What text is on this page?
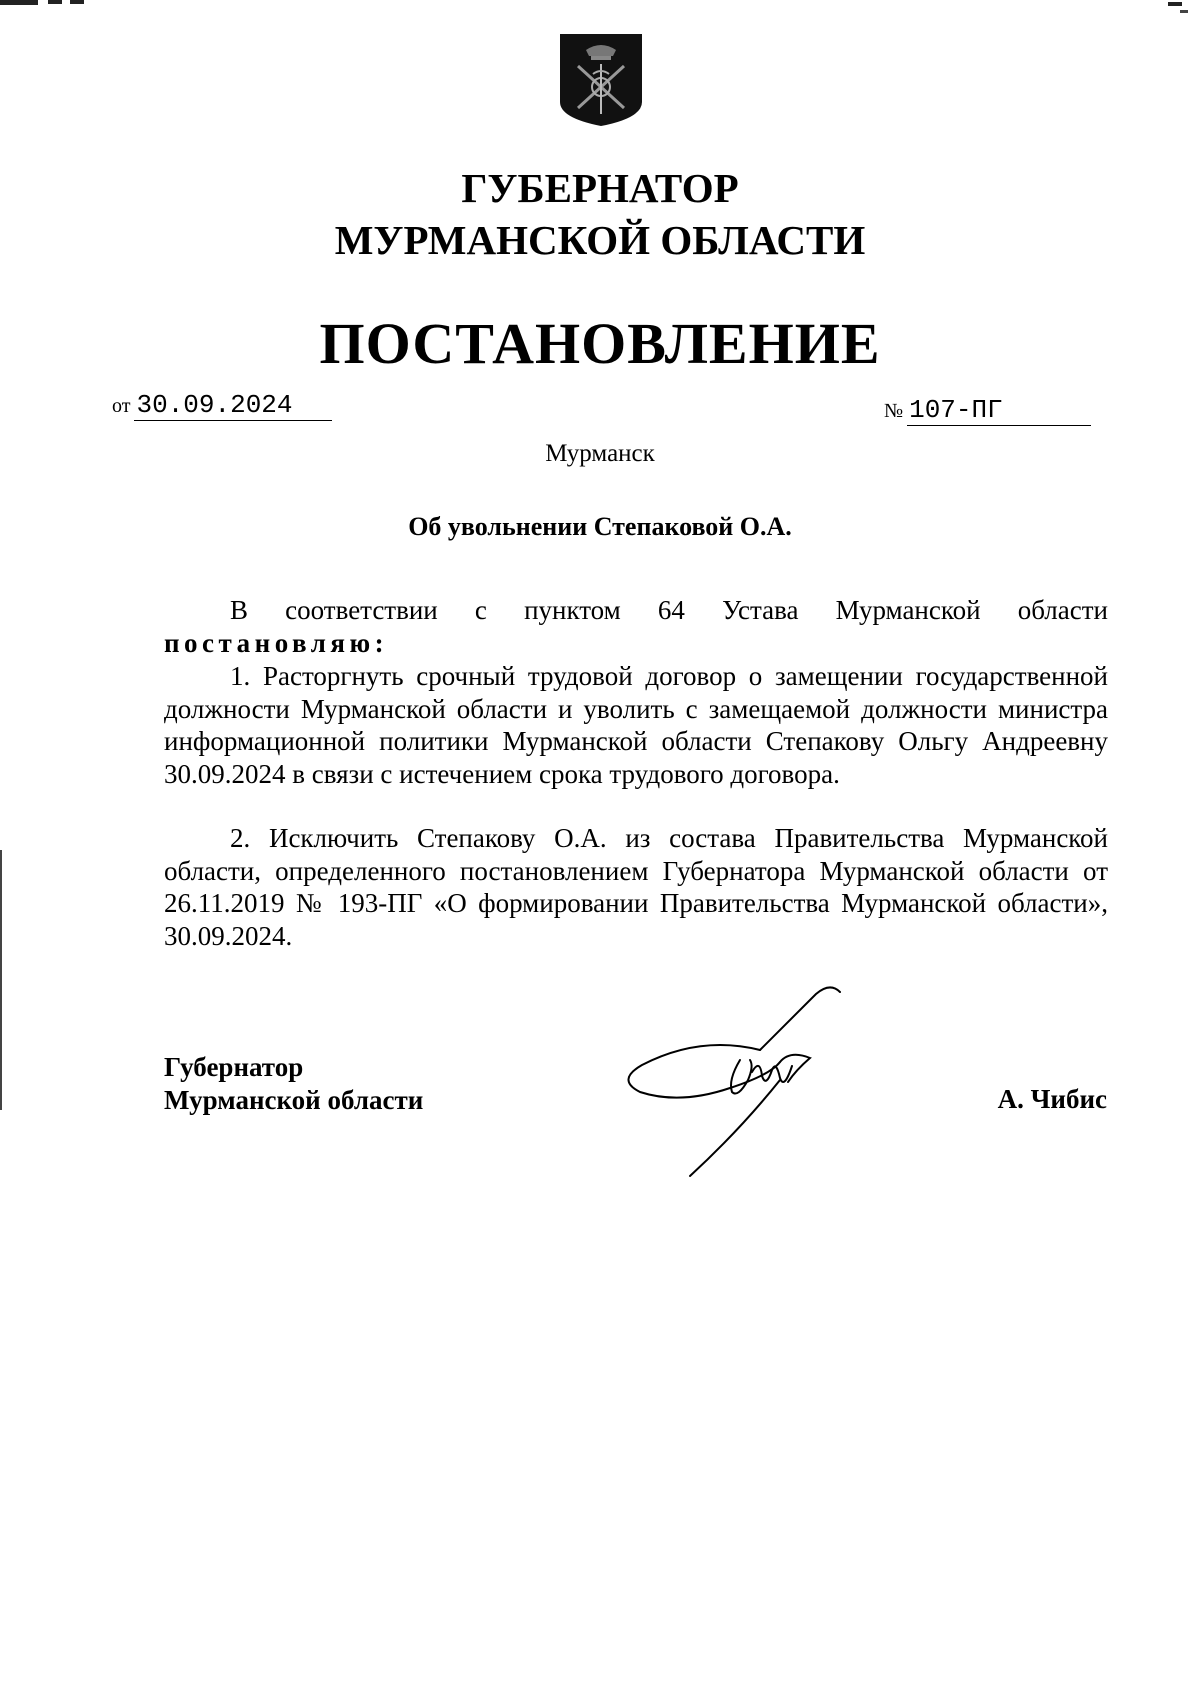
ГУБЕРНАТОР
МУРМАНСКОЙ ОБЛАСТИ
ПОСТАНОВЛЕНИЕ
от 30.09.2024	№ 107-ПГ
Мурманск
Об увольнении Степаковой О.А.
В соответствии с пунктом 64 Устава Мурманской области
постановляю:
1. Расторгнуть срочный трудовой договор о замещении государственной должности Мурманской области и уволить с замещаемой должности министра информационной политики Мурманской области Степакову Ольгу Андреевну 30.09.2024 в связи с истечением срока трудового договора.
2. Исключить Степакову О.А. из состава Правительства Мурманской области, определенного постановлением Губернатора Мурманской области от 26.11.2019 № 193-ПГ «О формировании Правительства Мурманской области», 30.09.2024.
Губернатор
Мурманской области	А. Чибис
